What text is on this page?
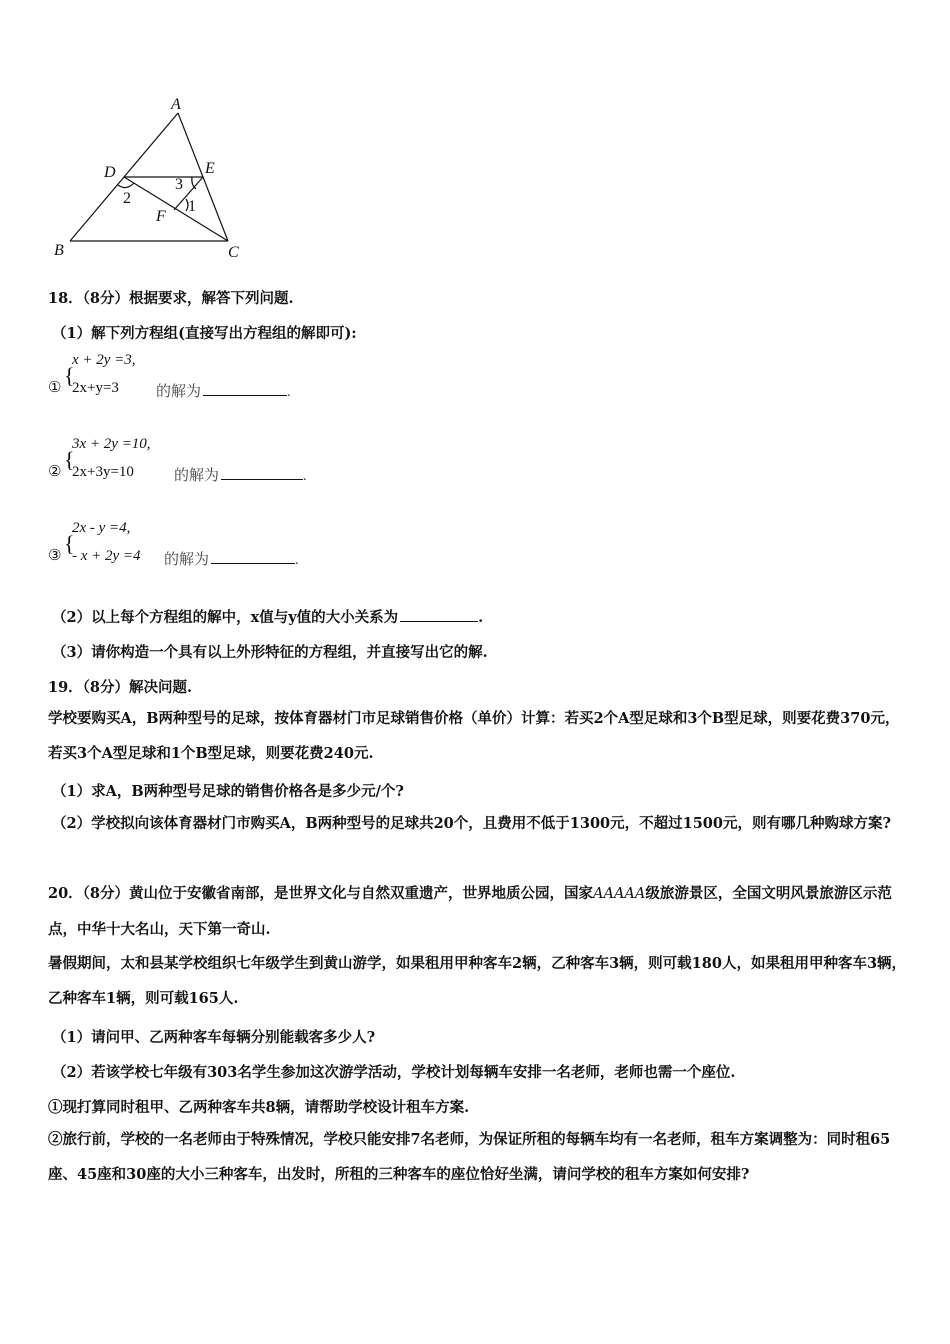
A
B	C
D	E
F
1
2
3
18．（8分）根据要求，解答下列问题.
（1）解下列方程组(直接写出方程组的解即可):
① {
x + 2y =3,
2x+y=3 的解为	.
② {
3x + 2y =10,
2x+3y=10	的解为	.
③ {
2x - y =4,
- x + 2y =4 的解为	.
（2）以上每个方程组的解中，x值与y值的大小关系为	.
（3）请你构造一个具有以上外形特征的方程组，并直接写出它的解.
19．（8分）解决问题.
学校要购买A，B两种型号的足球，按体育器材门市足球销售价格（单价）计算：若买2个A型足球和3个B型足球，则要花费370元，若买3个A型足球和1个B型足球，则要花费240元.
（1）求A，B两种型号足球的销售价格各是多少元/个?
（2）学校拟向该体育器材门市购买A，B两种型号的足球共20个，且费用不低于1300元，不超过1500元，则有哪几种购球方案?
20．（8分）黄山位于安徽省南部，是世界文化与自然双重遗产，世界地质公园，国家AAAAA级旅游景区，全国文明风景旅游区示范点，中华十大名山，天下第一奇山.
暑假期间，太和县某学校组织七年级学生到黄山游学，如果租用甲种客车2辆，乙种客车3辆，则可载180人，如果租用甲种客车3辆，乙种客车1辆，则可载165人.
（1）请问甲、乙两种客车每辆分别能载客多少人?
（2）若该学校七年级有303名学生参加这次游学活动，学校计划每辆车安排一名老师，老师也需一个座位.
①现打算同时租甲、乙两种客车共8辆，请帮助学校设计租车方案.
②旅行前，学校的一名老师由于特殊情况，学校只能安排7名老师，为保证所租的每辆车均有一名老师，租车方案调整为：同时租65座、45座和30座的大小三种客车，出发时，所租的三种客车的座位恰好坐满，请问学校的租车方案如何安排?
